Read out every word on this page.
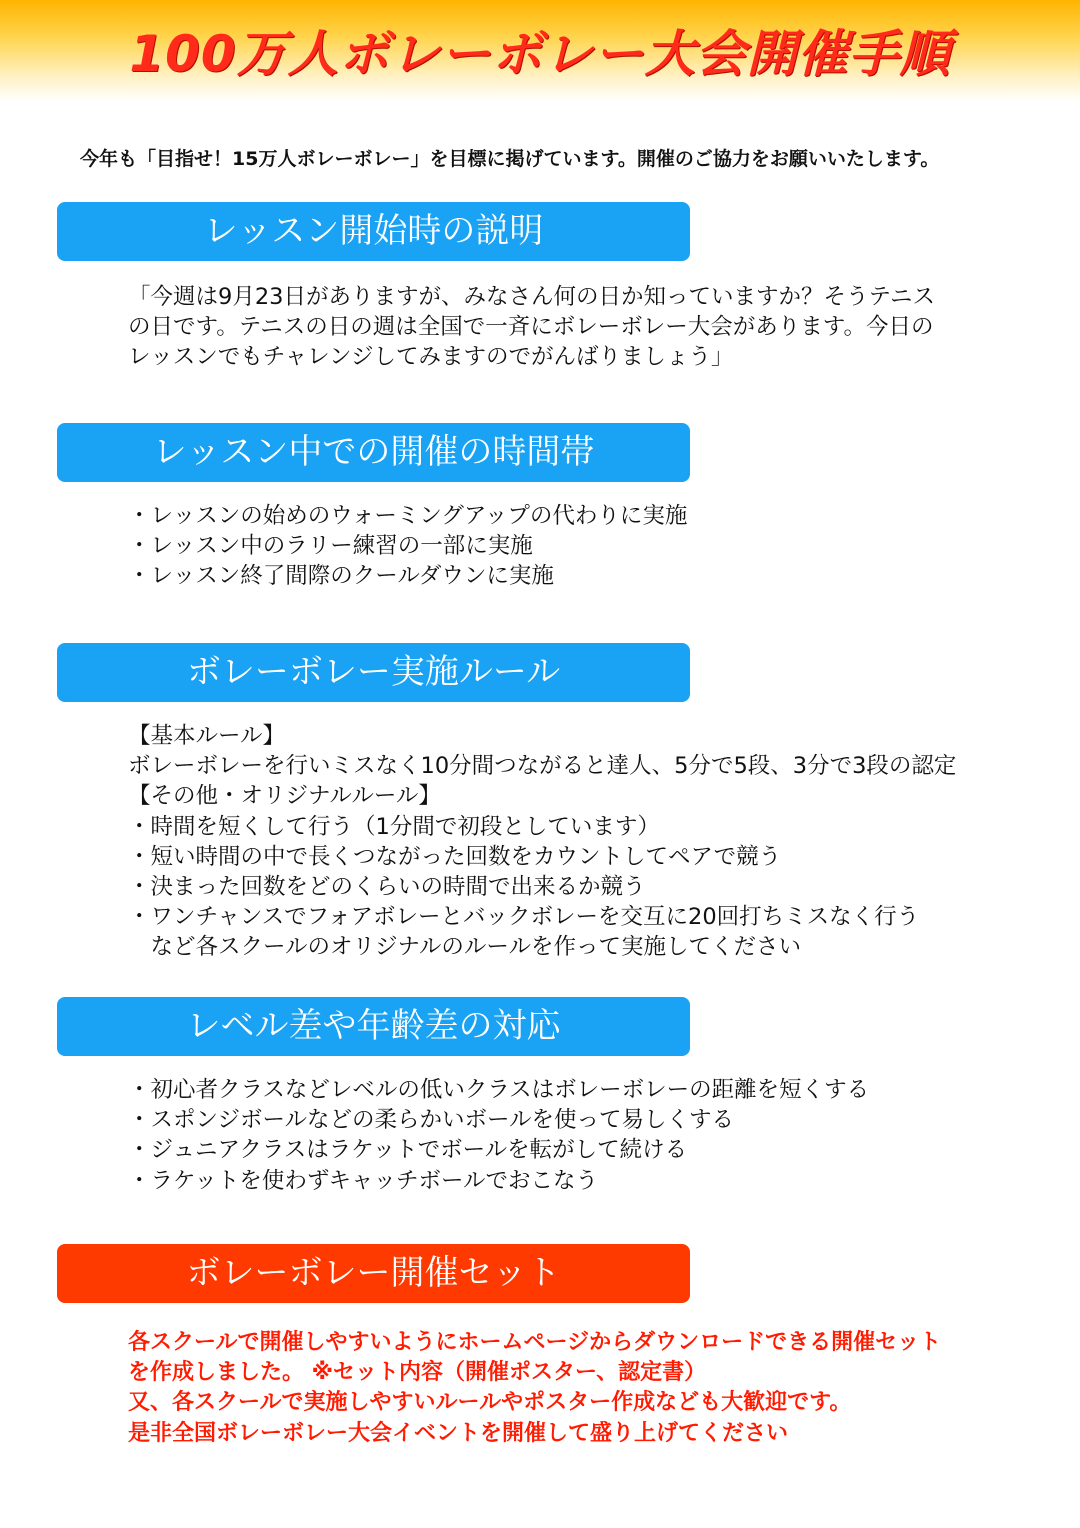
100万人ボレーボレー大会開催手順
今年も「目指せ！15万人ボレーボレー」を目標に掲げています。開催のご協力をお願いいたします。
レッスン開始時の説明
「今週は9月23日がありますが、みなさん何の日か知っていますか？そうテニス
の日です。テニスの日の週は全国で一斉にボレーボレー大会があります。今日の
レッスンでもチャレンジしてみますのでがんばりましょう」
レッスン中での開催の時間帯
・レッスンの始めのウォーミングアップの代わりに実施
・レッスン中のラリー練習の一部に実施
・レッスン終了間際のクールダウンに実施
ボレーボレー実施ルール
【基本ルール】
ボレーボレーを行いミスなく10分間つながると達人、5分で5段、3分で3段の認定
【その他・オリジナルルール】
・時間を短くして行う（1分間で初段としています）
・短い時間の中で長くつながった回数をカウントしてペアで競う
・決まった回数をどのくらいの時間で出来るか競う
・ワンチャンスでフォアボレーとバックボレーを交互に20回打ちミスなく行う
　など各スクールのオリジナルのルールを作って実施してください
レベル差や年齢差の対応
・初心者クラスなどレベルの低いクラスはボレーボレーの距離を短くする
・スポンジボールなどの柔らかいボールを使って易しくする
・ジュニアクラスはラケットでボールを転がして続ける
・ラケットを使わずキャッチボールでおこなう
ボレーボレー開催セット
各スクールで開催しやすいようにホームページからダウンロードできる開催セット
を作成しました。 ※セット内容（開催ポスター、認定書）
又、各スクールで実施しやすいルールやポスター作成なども大歓迎です。
是非全国ボレーボレー大会イベントを開催して盛り上げてください
